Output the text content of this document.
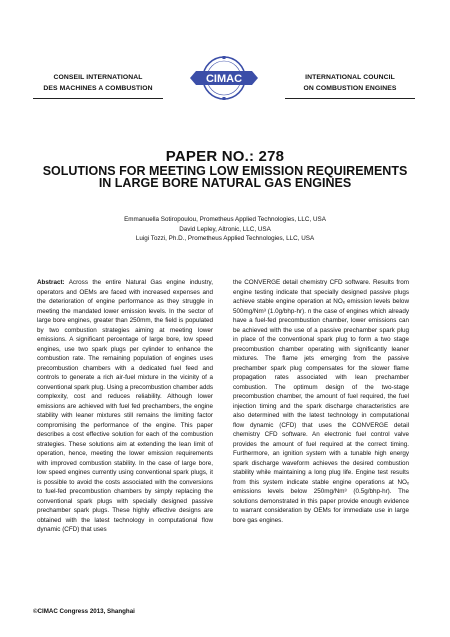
CONSEIL INTERNATIONAL
DES MACHINES A COMBUSTION
CIMAC	INTERNATIONAL COUNCIL
ON COMBUSTION ENGINES
PAPER NO.: 278
SOLUTIONS FOR MEETING LOW EMISSION REQUIREMENTS IN LARGE BORE NATURAL GAS ENGINES
Emmanuella Sotiropoulou, Prometheus Applied Technologies, LLC, USA
David Lepley, Altronic, LLC, USA
Luigi Tozzi, Ph.D., Prometheus Applied Technologies, LLC, USA
Abstract: Across the entire Natural Gas engine industry, operators and OEMs are faced with increased expenses and the deterioration of engine performance as they struggle in meeting the mandated lower emission levels. In the sector of large bore engines, greater than 250mm, the field is populated by two combustion strategies aiming at meeting lower emissions. A significant percentage of large bore, low speed engines, use two spark plugs per cylinder to enhance the combustion rate. The remaining population of engines uses precombustion chambers with a dedicated fuel feed and controls to generate a rich air-fuel mixture in the vicinity of a conventional spark plug. Using a precombustion chamber adds complexity, cost and reduces reliability. Although lower emissions are achieved with fuel fed prechambers, the engine stability with leaner mixtures still remains the limiting factor compromising the performance of the engine. This paper describes a cost effective solution for each of the combustion strategies. These solutions aim at extending the lean limit of operation, hence, meeting the lower emission requirements with improved combustion stability. In the case of large bore, low speed engines currently using conventional spark plugs, it is possible to avoid the costs associated with the conversions to fuel-fed precombustion chambers by simply replacing the conventional spark plugs with specially designed passive prechamber spark plugs. These highly effective designs are obtained with the latest technology in computational flow dynamic (CFD) that uses
the CONVERGE detail chemistry CFD software. Results from engine testing indicate that specially designed passive plugs achieve stable engine operation at NOₓ emission levels below 500mg/Nm³ (1.0g/bhp-hr). n the case of engines which already have a fuel-fed precombustion chamber, lower emissions can be achieved with the use of a passive prechamber spark plug in place of the conventional spark plug to form a two stage precombustion chamber operating with significantly leaner mixtures. The flame jets emerging from the passive prechamber spark plug compensates for the slower flame propagation rates associated with lean prechamber combustion. The optimum design of the two-stage precombustion chamber, the amount of fuel required, the fuel injection timing and the spark discharge characteristics are also determined with the latest technology in computational flow dynamic (CFD) that uses the CONVERGE detail chemistry CFD software. An electronic fuel control valve provides the amount of fuel required at the correct timing. Furthermore, an ignition system with a tunable high energy spark discharge waveform achieves the desired combustion stability while maintaining a long plug life. Engine test results from this system indicate stable engine operations at NOₓ emissions levels below 250mg/Nm³ (0.5g/bhp-hr). The solutions demonstrated in this paper provide enough evidence to warrant consideration by OEMs for immediate use in large bore gas engines.
©CIMAC Congress 2013, Shanghai
